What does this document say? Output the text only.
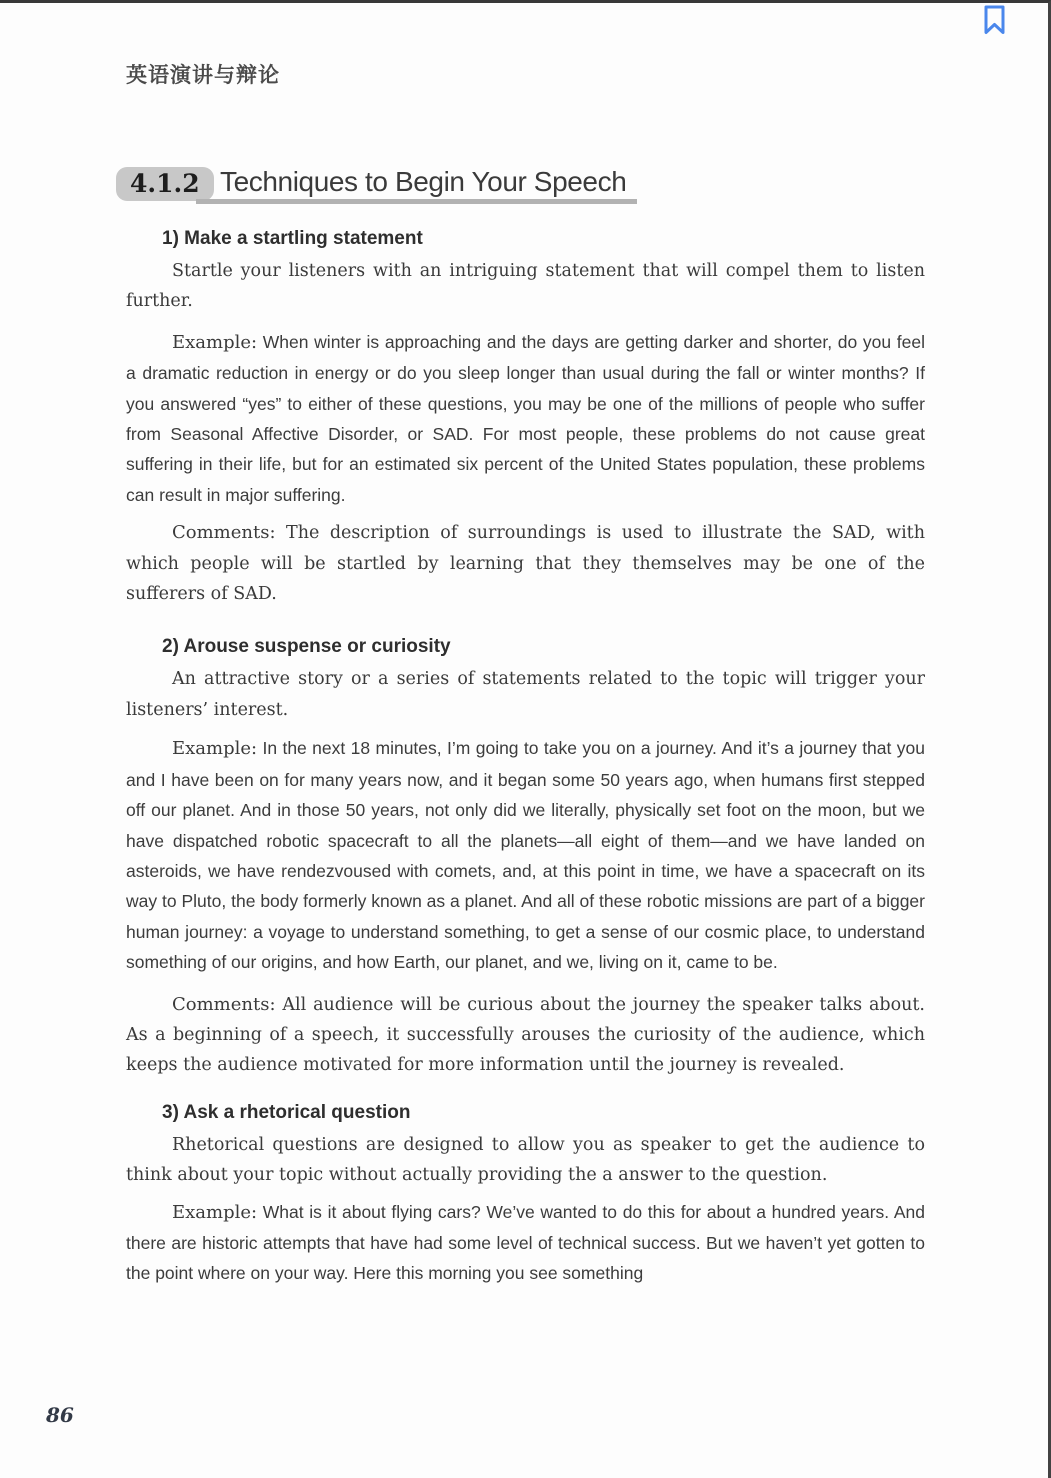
英语演讲与辩论
4.1.2 Techniques to Begin Your Speech
1) Make a startling statement

Startle your listeners with an intriguing statement that will compel them to listen further.

Example: When winter is approaching and the days are getting darker and shorter, do you feel a dramatic reduction in energy or do you sleep longer than usual during the fall or winter months? If you answered “yes” to either of these questions, you may be one of the millions of people who suffer from Seasonal Affective Disorder, or SAD. For most people, these problems do not cause great suffering in their life, but for an estimated six percent of the United States population, these problems can result in major suffering.

Comments: The description of surroundings is used to illustrate the SAD, with which people will be startled by learning that they themselves may be one of the sufferers of SAD.

2) Arouse suspense or curiosity

An attractive story or a series of statements related to the topic will trigger your listeners’ interest.

Example: In the next 18 minutes, I’m going to take you on a journey. And it’s a journey that you and I have been on for many years now, and it began some 50 years ago, when humans first stepped off our planet. And in those 50 years, not only did we literally, physically set foot on the moon, but we have dispatched robotic spacecraft to all the planets—all eight of them—and we have landed on asteroids, we have rendezvoused with comets, and, at this point in time, we have a spacecraft on its way to Pluto, the body formerly known as a planet. And all of these robotic missions are part of a bigger human journey: a voyage to understand something, to get a sense of our cosmic place, to understand something of our origins, and how Earth, our planet, and we, living on it, came to be.

Comments: All audience will be curious about the journey the speaker talks about. As a beginning of a speech, it successfully arouses the curiosity of the audience, which keeps the audience motivated for more information until the journey is revealed.

3) Ask a rhetorical question

Rhetorical questions are designed to allow you as speaker to get the audience to think about your topic without actually providing the a answer to the question.

Example: What is it about flying cars? We’ve wanted to do this for about a hundred years. And there are historic attempts that have had some level of technical success. But we haven’t yet gotten to the point where on your way. Here this morning you see something

86
